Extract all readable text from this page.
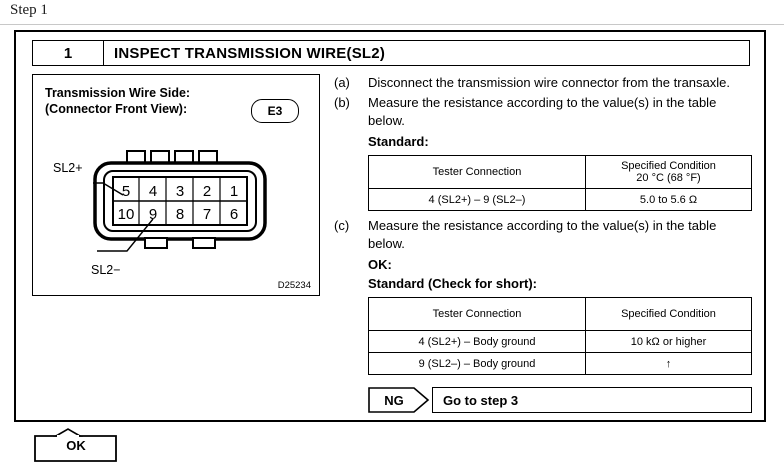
Step 1
1	INSPECT TRANSMISSION WIRE(SL2)
Transmission Wire Side:
(Connector Front View):	E3
SL2+
SL2−
D25234
5 4 3 2 1
10 9 8 7 6
(a)	Disconnect the transmission wire connector from the transaxle.
(b)	Measure the resistance according to the value(s) in the table below.
Standard:
Tester Connection	Specified Condition
20 °C (68 °F)

4 (SL2+) – 9 (SL2–)	5.0 to 5.6 Ω
(c)	Measure the resistance according to the value(s) in the table below.
OK:
Standard (Check for short):
Tester Connection	Specified Condition
4 (SL2+) – Body ground	10 kΩ or higher
9 (SL2–) – Body ground	↑
NG	Go to step 3
OK
